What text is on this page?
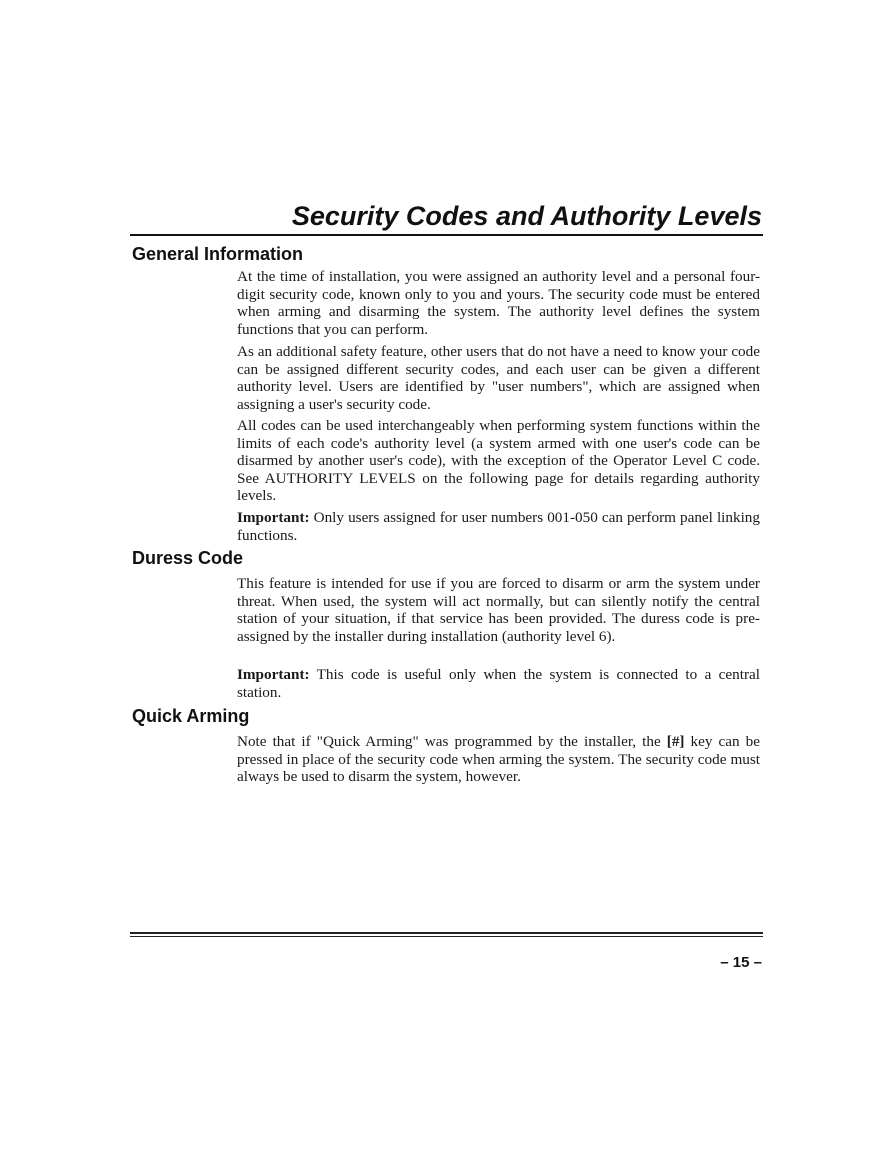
Security Codes and Authority Levels
General Information

At the time of installation, you were assigned an authority level and a personal four-digit security code, known only to you and yours. The security code must be entered when arming and disarming the system. The authority level defines the system functions that you can perform.

As an additional safety feature, other users that do not have a need to know your code can be assigned different security codes, and each user can be given a different authority level. Users are identified by "user numbers", which are assigned when assigning a user's security code.

All codes can be used interchangeably when performing system functions within the limits of each code's authority level (a system armed with one user's code can be disarmed by another user's code), with the exception of the Operator Level C code. See AUTHORITY LEVELS on the following page for details regarding authority levels.

Important: Only users assigned for user numbers 001-050 can perform panel linking functions.

Duress Code

This feature is intended for use if you are forced to disarm or arm the system under threat. When used, the system will act normally, but can silently notify the central station of your situation, if that service has been provided. The duress code is pre-assigned by the installer during installation (authority level 6).

Important: This code is useful only when the system is connected to a central station.

Quick Arming

Note that if "Quick Arming" was programmed by the installer, the [#] key can be pressed in place of the security code when arming the system. The security code must always be used to disarm the system, however.

– 15 –
